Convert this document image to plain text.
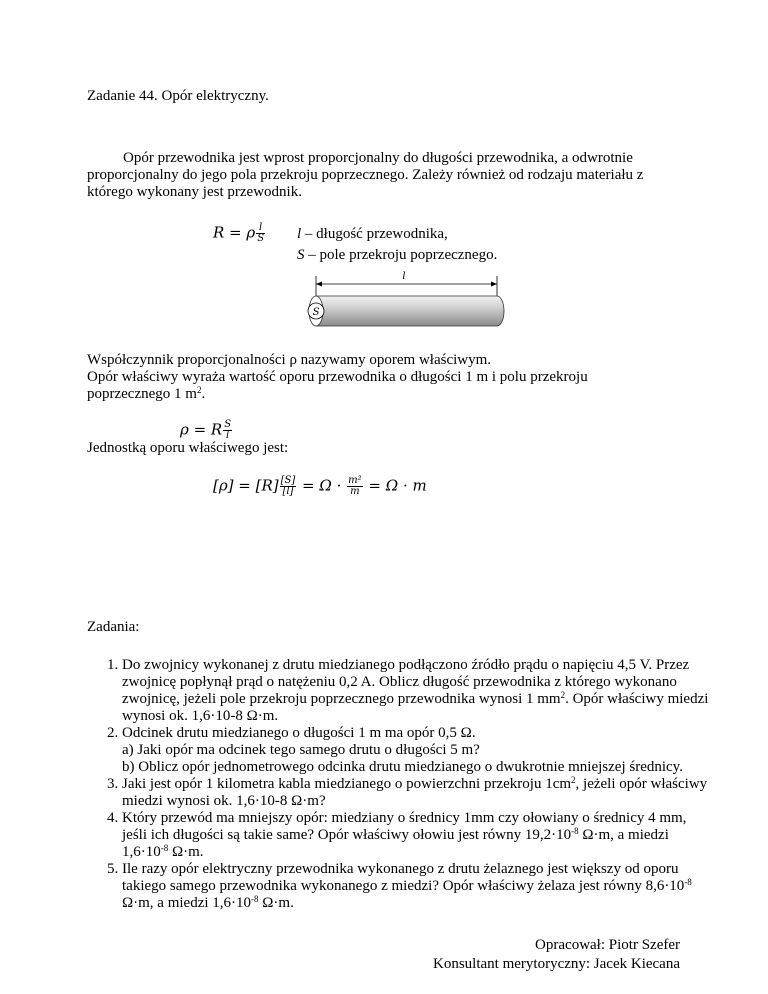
Zadanie 44. Opór elektryczny.
Opór przewodnika jest wprost proporcjonalny do długości przewodnika, a odwrotnie proporcjonalny do jego pola przekroju poprzecznego. Zależy również od rodzaju materiału z którego wykonany jest przewodnik.
R = ρ $\frac{l}{S}$ l – długość przewodnika,
S – pole przekroju poprzecznego.
l
S
Współczynnik proporcjonalności ρ nazywamy oporem właściwym.
Opór właściwy wyraża wartość oporu przewodnika o długości 1 m i polu przekroju
poprzecznego 1 $m^2$.
ρ = R $\frac{S}{l}$
Jednostką oporu właściwego jest:
$[\rho] = [R] \frac{[S]}{[l]} = \Omega \cdot \frac{\text{m²}}{m} = \Omega \cdot m$
Zadania:
1. Do zwojnicy wykonanej z drutu miedzianego podłączono źródło prądu o napięciu 4,5 V. Przez zwojnicę popłynął prąd o natężeniu 0,2 A. Oblicz długość przewodnika z którego wykonano zwojnicę, jeżeli pole przekroju poprzecznego przewodnika wynosi 1 $mm^2$. Opór właściwy miedzi wynosi ok. 1,6·10-8 Ω·m.
2. Odcinek drutu miedzianego o długości 1 m ma opór 0,5 Ω.
a) Jaki opór ma odcinek tego samego drutu o długości 5 m?
b) Oblicz opór jednometrowego odcinka drutu miedzianego o dwukrotnie mniejszej średnicy.
3. Jaki jest opór 1 kilometra kabla miedzianego o powierzchni przekroju $1cm^2$, jeżeli opór właściwy miedzi wynosi ok. 1,6·10-8 Ω·m?
4. Który przewód ma mniejszy opór: miedziany o średnicy 1mm czy ołowiany o średnicy 4 mm, jeśli ich długości są takie same? Opór właściwy ołowiu jest równy $19,2\cdot 10^{-8}$ Ω·m, a miedzi $1,6\cdot 10^{-8}$ Ω·m.
5. Ile razy opór elektryczny przewodnika wykonanego z drutu żelaznego jest większy od oporu takiego samego przewodnika wykonanego z miedzi? Opór właściwy żelaza jest równy $8,6\cdot 10^{-8}$ Ω·m, a miedzi $1,6\cdot 10^{-8}$ Ω·m.
Opracował: Piotr Szefer
Konsultant merytoryczny: Jacek Kiecana
